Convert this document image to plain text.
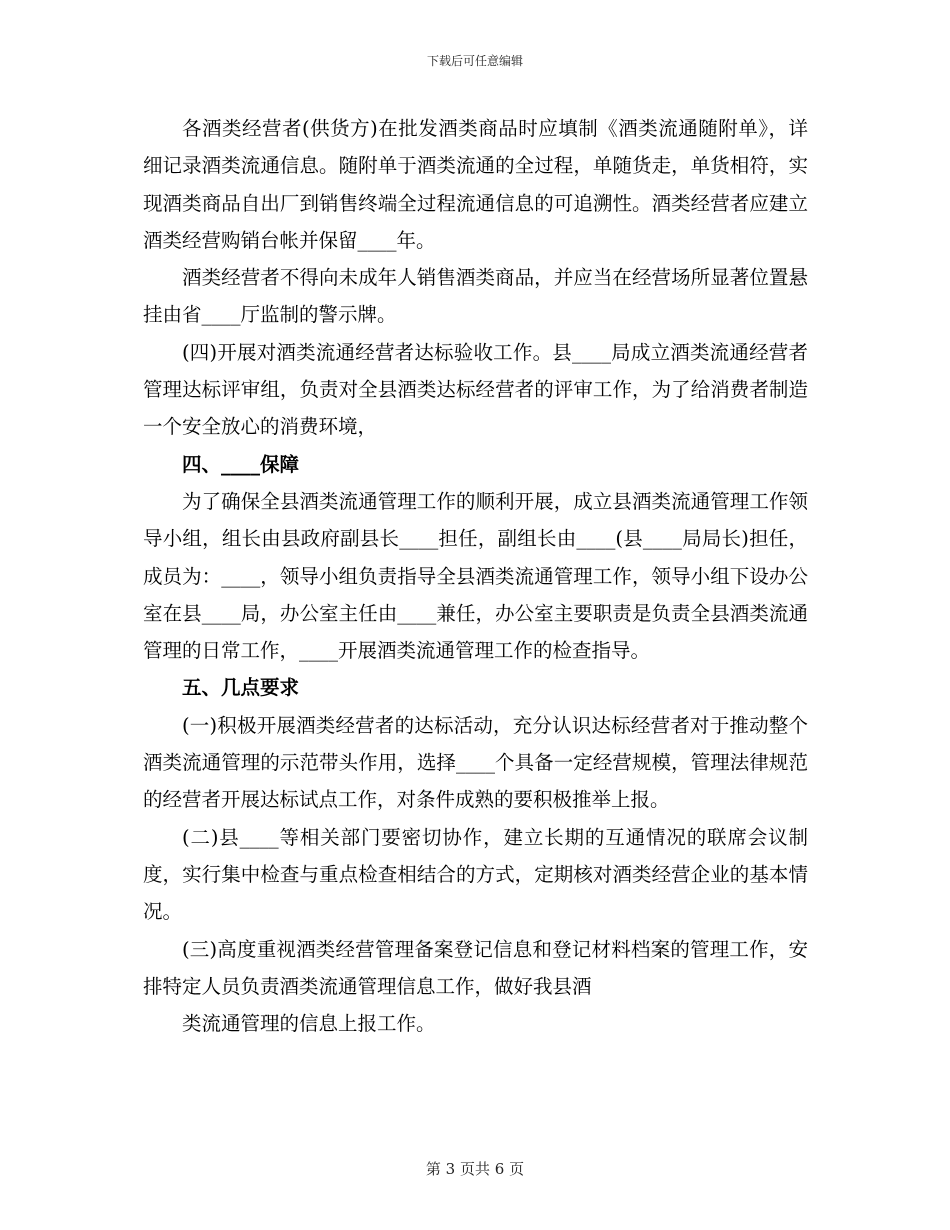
下载后可任意编辑

各酒类经营者(供货方)在批发酒类商品时应填制《酒类流通随附单》，详细记录酒类流通信息。随附单于酒类流通的全过程，单随货走，单货相符，实现酒类商品自出厂到销售终端全过程流通信息的可追溯性。酒类经营者应建立酒类经营购销台帐并保留____年。

酒类经营者不得向未成年人销售酒类商品，并应当在经营场所显著位置悬挂由省____厅监制的警示牌。

(四)开展对酒类流通经营者达标验收工作。县____局成立酒类流通经营者管理达标评审组，负责对全县酒类达标经营者的评审工作，为了给消费者制造一个安全放心的消费环境，

四、____保障

为了确保全县酒类流通管理工作的顺利开展，成立县酒类流通管理工作领导小组，组长由县政府副县长____担任，副组长由____(县____局局长)担任，成员为：____，领导小组负责指导全县酒类流通管理工作，领导小组下设办公室在县____局，办公室主任由____兼任，办公室主要职责是负责全县酒类流通管理的日常工作，____开展酒类流通管理工作的检查指导。

五、几点要求

(一)积极开展酒类经营者的达标活动，充分认识达标经营者对于推动整个酒类流通管理的示范带头作用，选择____个具备一定经营规模，管理法律规范的经营者开展达标试点工作，对条件成熟的要积极推举上报。

(二)县____等相关部门要密切协作，建立长期的互通情况的联席会议制度，实行集中检查与重点检查相结合的方式，定期核对酒类经营企业的基本情况。

(三)高度重视酒类经营管理备案登记信息和登记材料档案的管理工作，安排特定人员负责酒类流通管理信息工作，做好我县酒

类流通管理的信息上报工作。

第 3 页共 6 页
